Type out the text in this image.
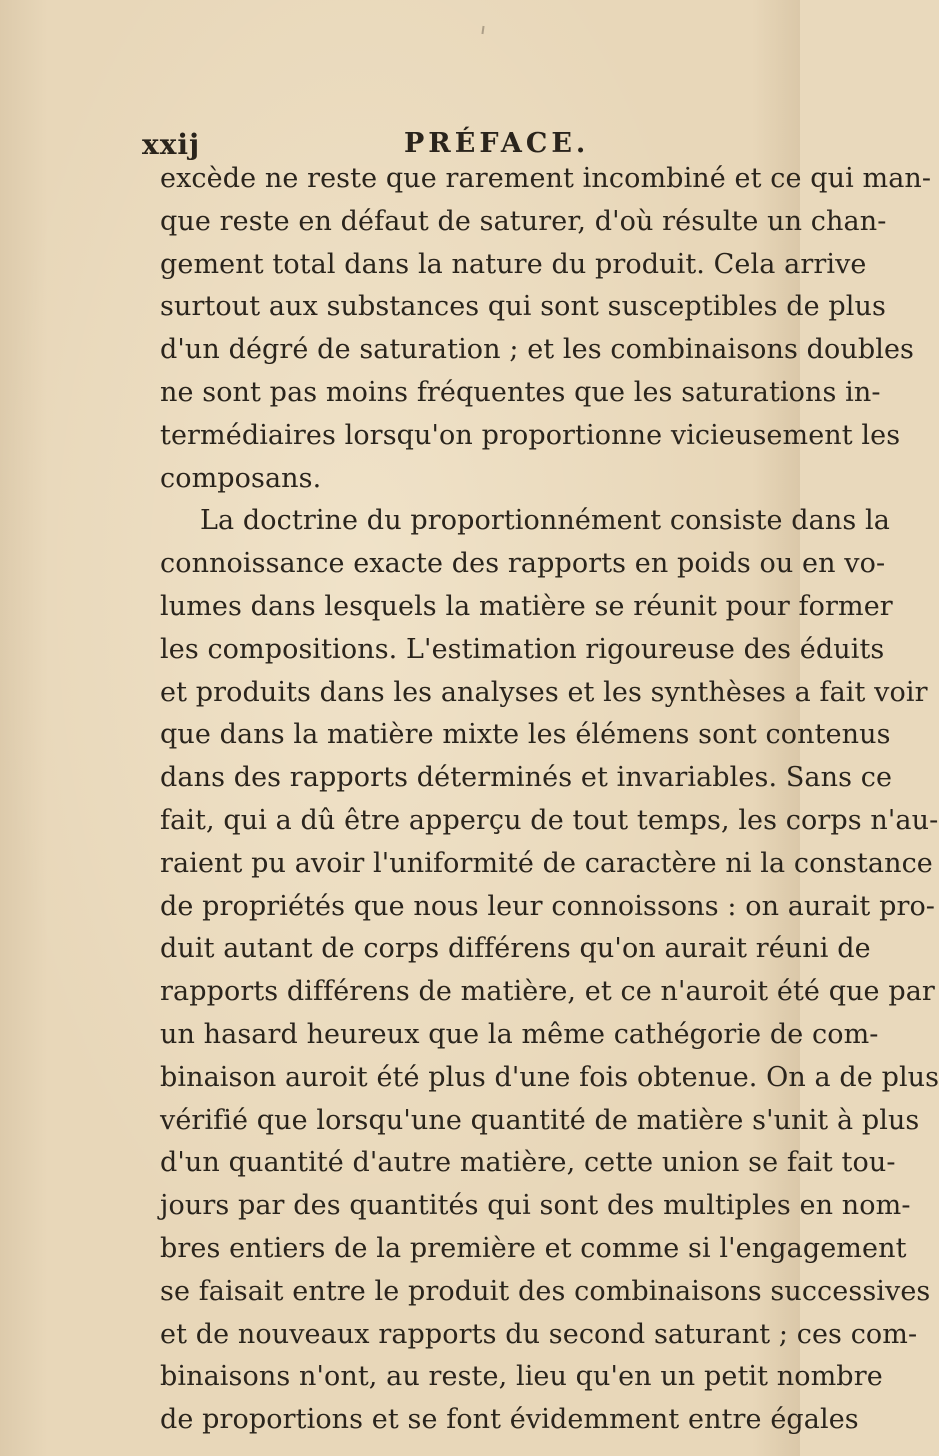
xxij	PRÉFACE.
excède ne reste que rarement incombiné et ce qui man-
que reste en défaut de saturer, d'où résulte un chan-
gement total dans la nature du produit. Cela arrive
surtout aux substances qui sont susceptibles de plus
d'un dégré de saturation ; et les combinaisons doubles
ne sont pas moins fréquentes que les saturations in-
termédiaires lorsqu'on proportionne vicieusement les
composans.
La doctrine du proportionnément consiste dans la
connoissance exacte des rapports en poids ou en vo-
lumes dans lesquels la matière se réunit pour former
les compositions. L'estimation rigoureuse des éduits
et produits dans les analyses et les synthèses a fait voir
que dans la matière mixte les élémens sont contenus
dans des rapports déterminés et invariables. Sans ce
fait, qui a dû être apperçu de tout temps, les corps n'au-
raient pu avoir l'uniformité de caractère ni la constance
de propriétés que nous leur connoissons : on aurait pro-
duit autant de corps différens qu'on aurait réuni de
rapports différens de matière, et ce n'auroit été que par
un hasard heureux que la même cathégorie de com-
binaison auroit été plus d'une fois obtenue. On a de plus
vérifié que lorsqu'une quantité de matière s'unit à plus
d'un quantité d'autre matière, cette union se fait tou-
jours par des quantités qui sont des multiples en nom-
bres entiers de la première et comme si l'engagement
se faisait entre le produit des combinaisons successives
et de nouveaux rapports du second saturant ; ces com-
binaisons n'ont, au reste, lieu qu'en un petit nombre
de proportions et se font évidemment entre égales
